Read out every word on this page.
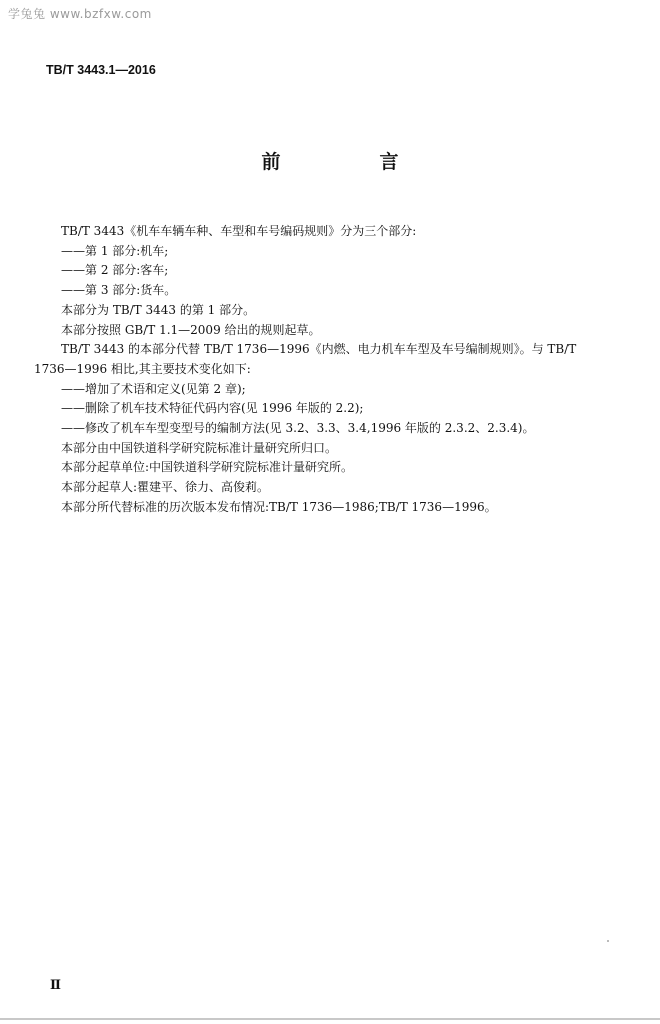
学兔兔 www.bzfxw.com
TB/T 3443.1—2016
前　言
TB/T 3443《机车车辆车种、车型和车号编码规则》分为三个部分:
——第 1 部分:机车;
——第 2 部分:客车;
——第 3 部分:货车。
本部分为 TB/T 3443 的第 1 部分。
本部分按照 GB/T 1.1—2009 给出的规则起草。
TB/T 3443 的本部分代替 TB/T 1736—1996《内燃、电力机车车型及车号编制规则》。与 TB/T
1736—1996 相比,其主要技术变化如下:
——增加了术语和定义(见第 2 章);
——删除了机车技术特征代码内容(见 1996 年版的 2.2);
——修改了机车车型变型号的编制方法(见 3.2、3.3、3.4,1996 年版的 2.3.2、2.3.4)。
本部分由中国铁道科学研究院标准计量研究所归口。
本部分起草单位:中国铁道科学研究院标准计量研究所。
本部分起草人:瞿建平、徐力、高俊莉。
本部分所代替标准的历次版本发布情况:TB/T 1736—1986;TB/T 1736—1996。
Ⅱ
